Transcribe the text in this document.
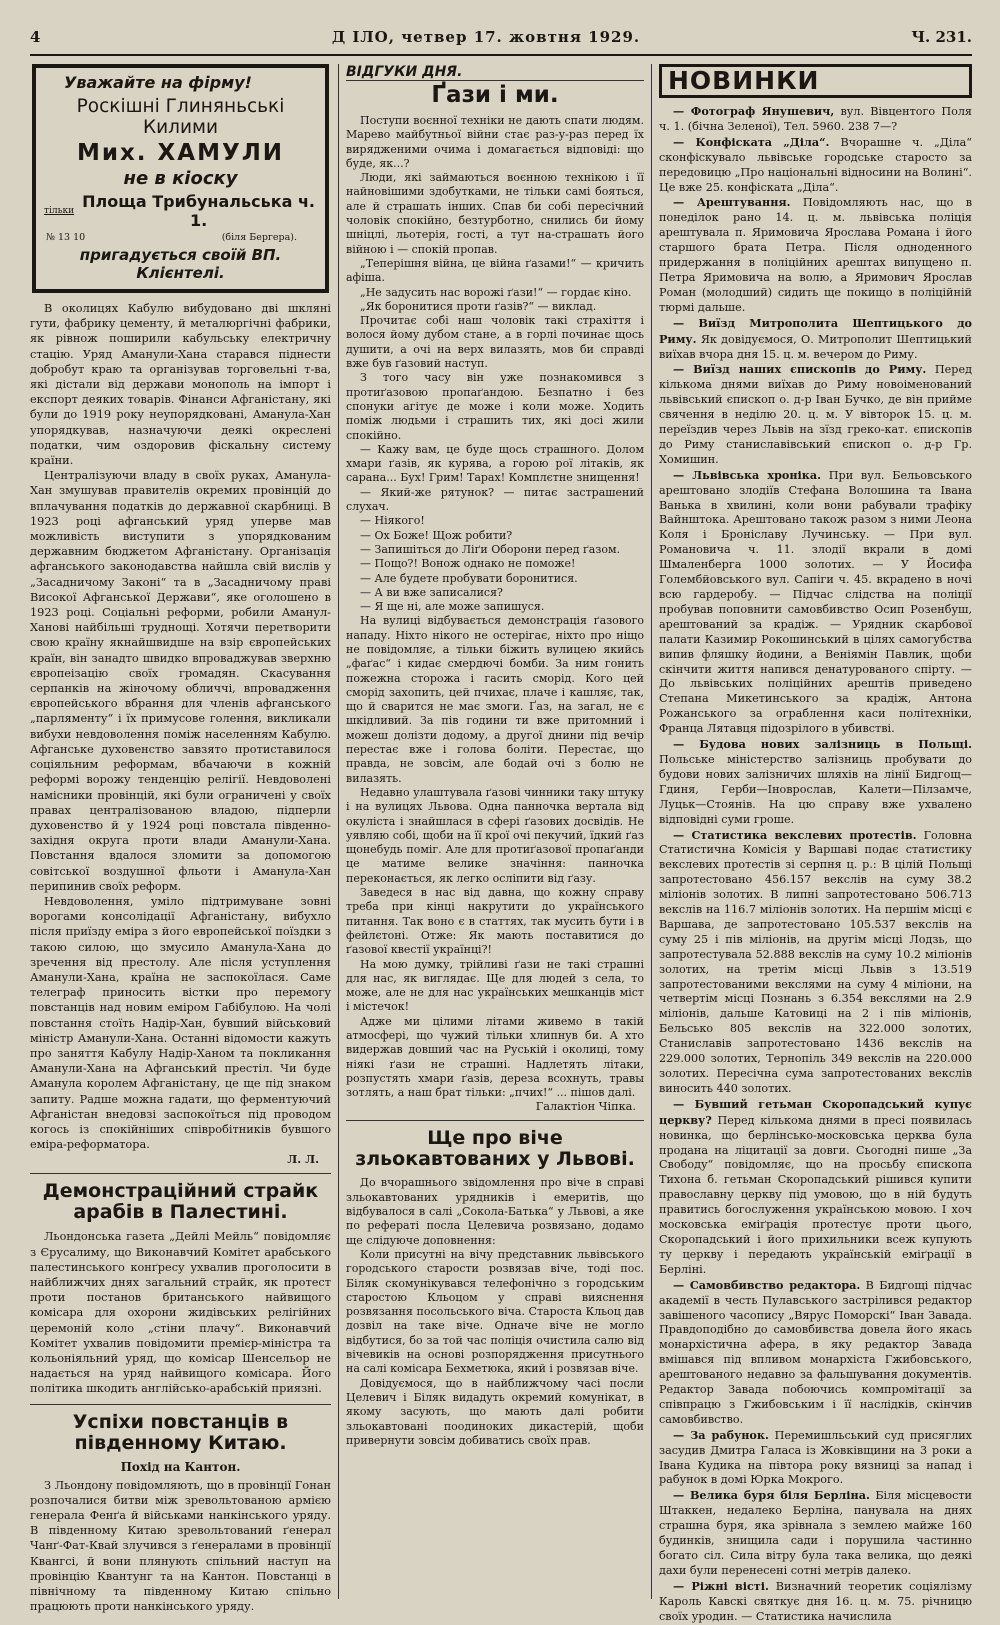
4	Д ІЛО, четвер 17. жовтня 1929.	Ч. 231.
Уважайте на фірму!
Роскішні Глиняньські Килими
Мих. ХАМУЛИ
не в кіоску
тільки Площа Трибунальська ч. 1.
№ 13 10	(біля Бергера).
пригадується своїй ВП. Клієнтелі.

В околицях Кабулю вибудовано дві шкляні гути, фабрику цементу, й металюргічні фабрики, як рівнож поширили кабульську електричну стацію. Уряд Аманули-Хана старався піднести добробут краю та організував торговельні т-ва, які дістали від держави монополь на імпорт і експорт деяких товарів. Фінанси Афганістану, які були до 1919 року неупорядковані, Аманула-Хан упорядкував, назначуючи деякі окреслені податки, чим оздоровив фіскальну систему країни.

Централізуючи владу в своїх руках, Аманула-Хан змушував правителів окремих провінцій до вплачування податків до державної скарбниці. В 1923 році афганський уряд уперве мав можливість виступити з упорядкованим державним бюджетом Афганістану. Організація афганського законодавства найшла свій вислів у „Засадничому Законі“ та в „Засадничому праві Високої Афганської Держави“, яке оголошено в 1923 році. Соціальні реформи, робили Аманул-Ханові найбільші труднощі. Хотячи перетворити свою країну якнайшвидше на взір європейських країн, він занадто швидко впроваджував зверхню європеізацію своїх громадян. Скасування серпанків на жіночому обличчі, впровадження європейського вбрання для членів афганського „парляменту“ і їх примусове голення, викликали вибухи невдоволення поміж населенням Кабулю. Афганське духовенство завзято протиставилося соціяльним реформам, вбачаючи в кожній реформі ворожу тенденцію релігії. Невдоволені намісники провінцій, які були ограничені у своїх правах централізованою владою, підперли духовенство й у 1924 році повстала південно-західня округа проти влади Аманули-Хана. Повстання вдалося зломити за допомогою совітської воздушної фльоти і Аманула-Хан перипинив своїх реформ.

Невдоволення, уміло підтримуване зовні ворогами консолідації Афганістану, вибухло після приїзду еміра з його европейської поїздки з такою силою, що змусило Аманула-Хана до зречення від престолу. Але після уступлення Аманули-Хана, країна не заспокоїлася. Саме телеграф приносить вістки про перемогу повстанців над новим еміром Габібулою. На чолі повстання стоїть Надір-Хан, бувший військовий міністр Аманули-Хана. Останні відомости кажуть про заняття Кабулу Надір-Ханом та покликання Аманули-Хана на Афганський престіл. Чи буде Аманула королем Афганістану, це ще під знаком запиту. Радше можна гадати, що ферментуючий Афганістан внедовзі заспокоїться під проводом когось із спокійніших співробітників бувшого еміра-реформатора.

Л. Л.
Демонстраційний страйк арабів в Палестині.

Льондонська газета „Дейлі Мейль“ повідомляє з Єрусалиму, що Виконавчий Комітет арабського палестинського конґресу ухвалив проголосити в найближчих днях загальний страйк, як протест проти постанов британського найвищого комісара для охорони жидівських релігійних церемоній коло „стіни плачу“. Виконавчий Комітет ухвалив повідомити премієр-міністра та кольоніяльний уряд, що комісар Шенсельор не надається на уряд найвищого комісара. Його політика шкодить англійсько-арабській приязні.

Успіхи повстанців в південному Китаю.
Похід на Кантон.

З Льондону повідомляють, що в провінції Гонан розпочалися битви між зревольтованою армією генерала Фенґа й військами нанкінського уряду. В південному Китаю зревольтований ґенерал Чанґ-Фат-Квай злучився з ґенералами в провінції Квангсі, й вони плянують спільний наступ на провінцію Квантунг та на Кантон. Повстанці в північному та південному Китаю спільно працюють проти нанкінського уряду.

ВІДГУКИ ДНЯ.
Ґази і ми.

Поступи воєнної техніки не дають спати людям. Марево майбутньої війни стає раз-у-раз перед їх вирядженими очима і домагається відповіді: що буде, як...?

Люди, які займаються воєнною технікою і її найновішими здобутками, не тільки самі бояться, але й страшать інших. Спав би собі пересічний чоловік спокійно, безтурботно, снились би йому шніцлі, льотерія, гості, а тут на-страшать його війною і — спокій пропав.

„Теперішня війна, це війна ґазами!“ — кричить афіша.

„Не задусить нас ворожі ґази!“ — гордає кіно.

„Як боронитися проти ґазів?“ — виклад.

Прочитає собі наш чоловік такі страхіття і волося йому дубом стане, а в горлі починає щось душити, а очі на верх вилазять, мов би справді вже був ґазовий наступ.

З того часу він уже познакомився з протиґазовою пропаґандою. Безпатно і без спонуки агітує де може і коли може. Ходить поміж людьми і страшить тих, які досі жили спокійно.

— Кажу вам, це буде щось страшного. Долом хмари ґазів, як курява, а горою рої літаків, як сарана... Бух! Грим! Тарах! Комплєтне знищення!

— Який-же рятунок? — питає застрашений слухач.

— Ніякого!

— Ох Боже! Щож робити?

— Запишіться до Ліґи Оборони перед ґазом.

— Пощо?! Вонож однако не поможе!

— Але будете пробувати боронитися.

— А ви вже записалися?

— Я ще ні, але може запишуся.

На вулиці відбувається демонстрація ґазового нападу. Ніхто нікого не остерігає, ніхто про ніщо не повідомляє, а тільки біжить вулицею якийсь „фаґас“ і кидає смердючі бомби. За ним гонить пожежна сторожа і гасить сморід. Кого цей сморід захопить, цей пчихає, плаче і кашляє, так, що й сварится не має змоги. Ґаз, на загал, не є шкідливий. За пів години ти вже притомний і можеш долізти додому, а другої днини під вечір перестає вже і голова боліти. Перестає, що правда, не зовсім, але бодай очі з болю не вилазять.

Недавно улаштувала ґазові чинники таку штуку і на вулицях Львова. Одна панночка вертала від окуліста і знайшлася в сфері ґазових досвідів. Не уявляю собі, щоби на її крої очі пекучий, їдкий ґаз щонебудь поміг. Але для протиґазової пропаґанди це матиме велике значіння: панночка переконається, як легко осліпити від ґазу.

Заведеся в нас від давна, що кожну справу треба при кінці накрутити до українського питання. Так воно є в статтях, так мусить бути і в фейлєтоні. Отже: Як мають поставитися до ґазової квестії українці?!

На мою думку, трійливі ґази не такі страшні для нас, як виглядає. Ще для людей з села, то може, але не для нас українських мешканців міст і містечок!

Адже ми цілими літами живемо в такій атмосфері, що чужий тільки хлипнув би. А хто видержав довший час на Руській і околиці, тому ніякі ґази не страшні. Надлетять літаки, розпустять хмари ґазів, дереза всохнуть, травы зотлять, а наш брат тільки: „пчих!“ ... пішов далі.

Галактіон Чіпка.
Ще про віче зльокавтованих у Львові.

До вчорашнього звідомлення про віче в справі зльокавтованих урядників і емеритів, що відбувалося в салі „Сокола-Батька“ у Львові, а яке по рефераті посла Целевича розвязано, додамо ще слідуюче доповнення:

Коли присутні на вічу представник львівського городського старости розвязав віче, тоді пос. Біляк скомунікувався телефонічно з городським старостою Кльоцом у справі вияснення розвязання посольського віча. Староста Кльоц дав дозвіл на таке віче. Одначе віче не могло відбутися, бо за той час поліція очистила салю від вічевиків на основі розпорядження присутнього на салі комісара Бехметюка, який і розвязав віче.

Довідуємося, що в найближчому часі посли Целевич і Біляк видадуть окремий комунікат, в якому засують, що мають далі робити зльокавтовані поодиноких дикастерій, щоби привернути зовсім добиватись своїх прав.

НОВИНКИ

— Фотограф Янушевич, вул. Вівцентого Поля ч. 1. (бічна Зеленої), Тел. 5960. 238 7—?

— Конфіската „Діла“. Вчорашне ч. „Діла“ сконфіскувало львівське городське старосто за передовицю „Про національні відносини на Волині“. Це вже 25. конфіската „Діла“.

— Арештування. Повідомляють нас, що в понеділок рано 14. ц. м. львівська поліція арештувала п. Яримовича Ярослава Романа і його старшого брата Петра. Після одноденного придержання в поліційних арештах випущено п. Петра Яримовича на волю, а Яримович Ярослав Роман (молодший) сидить ще покищо в поліційній тюрмі дальше.

— Виїзд Митрополита Шептицького до Риму. Як довідуємося, О. Митрополит Шептицький виїхав вчора дня 15. ц. м. вечером до Риму.

— Виїзд наших єпископів до Риму. Перед кількома днями виїхав до Риму новоіменований львівський єпископ о. д-р Іван Бучко, де він прийме свячення в неділю 20. ц. м. У вівторок 15. ц. м. переїздив через Львів на зїзд греко-кат. єпископів до Риму станиславівський єпископ о. д-р Гр. Хомишин.

— Львівська хроніка. При вул. Бельовського арештовано злодіїв Стефана Волошина та Івана Ванька в хвилині, коли вони рабували трафіку Вайнштока. Арештовано також разом з ними Леона Коля і Броніславу Лучинську. — При вул. Романовича ч. 11. злодії вкрали в домі Шмаленберга 1000 золотих. — У Йосифа Голембйовського вул. Сапіги ч. 45. вкрадено в ночі всю гардеробу. — Підчас слідства на поліції пробував поповнити самовбивство Осип Розенбуш, арештований за крадіж. — Урядник скарбової палати Казимир Рокошинський в цілях самогубства випив фляшку йодини, а Веніямін Павлик, щоби скінчити життя напився денатурованого спірту. — До львівських поліційних арештів приведено Степана Микетинського за крадіж, Антона Рожанського за ограблення каси політехніки, Франца Лятавця підозрілого в убивстві.

— Будова нових залізниць в Польщі. Польське міністерство залізниць пробувати до будови нових залізничих шляхів на лінії Бидгощ—Гдиня, Герби—Іноврослав, Калети—Пілзамче, Луцьк—Стоянів. На цю справу вже ухвалено відповідні суми гроше.

— Статистика векслевих протестів. Головна Статистична Комісія у Варшаві подає статистику векслевих протестів зі серпня ц. р.: В цілій Польщі запротестовано 456.157 векслів на суму 38.2 міліонів золотих. В липні запротестовано 506.713 векслів на 116.7 міліонів золотих. На першім місці є Варшава, де запротестовано 105.537 векслів на суму 25 і пів міліонів, на другім місці Лодзь, що запротестувала 52.888 векслів на суму 10.2 міліонів золотих, на третім місці Львів з 13.519 запротестованими векслями на суму 4 міліони, на четвертім місці Познань з 6.354 векслями на 2.9 міліонів, дальше Катовиці на 2 і пів міліонів, Бельсько 805 векслів на 322.000 золотих, Станиславів запротестовано 1436 векслів на 229.000 золотих, Тернопіль 349 векслів на 220.000 золотих. Пересічна сума запротестованих векслів виносить 440 золотих.

— Бувший гетьман Скоропадський купує церкву? Перед кількома днями в пресі появилась новинка, що берлінсько-московська церква була продана на ліцитації за довги. Сьогодні пише „За Свободу“ повідомляє, що на просьбу єпископа Тихона б. гетьман Скоропадський рішився купити православну церкву під умовою, що в ній будуть правитись богослуження українською мовою. І хоч московська еміґрація протестує проти цього, Скоропадський і його прихильники всеж купують ту церкву і передають українській еміґрації в Берліні.

— Самовбивство редактора. В Бидгощі підчас академії в честь Пулавського застрілився редактор завішеного часопису „Вярус Поморскі“ Іван Завада. Правдоподібно до самовбивства довела його якась монархістична афера, в яку редактор Завада вмішався під впливом монархіста Гжибовського, арештованого недавно за фальшування документів. Редактор Завада побоючись компромітації за співпрацю з Гжибовським і її наслідків, скінчив самовбивство.

— За рабунок. Перемишльський суд присяглих засудив Дмитра Галаса із Жовківщини на 3 роки а Івана Кудика на півтора року вязниці за напад і рабунок в домі Юрка Мокрого.

— Велика буря біля Берліна. Біля місцевости Штаккен, недалеко Берліна, панувала на днях страшна буря, яка зрівнала з землею майже 160 будинків, знищила сади і порушила частинно богато сіл. Сила вітру була така велика, що деякі дахи були перенесені сотні метрів далеко.

— Ріжні вісті. Визначний теоретик соціялізму Кароль Кавскі святкує дня 16. ц. м. 75. річницю своїх уродин. — Статистика начислила
